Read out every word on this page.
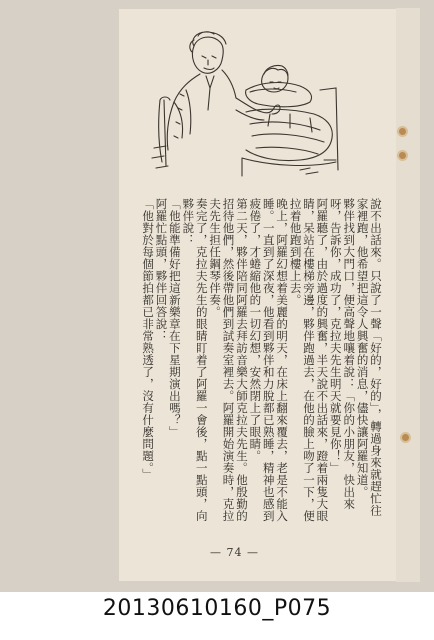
說不出話來。只說了一聲「好的，好的」，轉過身來就趕忙往家裡跑，他希望把這令人興奮的消息，儘快讓阿羅知道。
夥伴找到大門口，便高聲地嚷着說：「你的小朋友，快出來呀，告訴你，成功了，克拉夫先生明天就要見你！」
阿羅聽了，由於過度的興奮，半天說不出話來，蹬着兩隻大眼睛，呆站在樓梯旁邊，夥伴跑過去，在他的臉上吻了一下，便拉着他跑到樓上去。
晚上，阿羅幻想着美麗的明天，在床上翻來覆去，老是不能入睡。一直到了深夜，他看到夥伴和力脫都已熟睡，精神也感到疲倦了，才蜷縮他的一切幻想，安然閉上了眼睛。
第二天，夥伴陪同阿羅去拜訪音樂大師克拉夫先生。他殷勤的招待他們，然後帶他們到試奏室裡去。阿羅開始演奏時，克拉夫先生担任鋼琴伴奏。
奏完了，克拉夫先生的眼睛盯着了阿羅一會後，點一點頭，向夥伴說：
「他能準備好把這新樂章在下星期演出嗎？」
阿羅忙點頭，夥伴回答說：
「他對於每個節拍都已非常熟透了，沒有什麼問題。」
— 74 —
20130610160_P075
